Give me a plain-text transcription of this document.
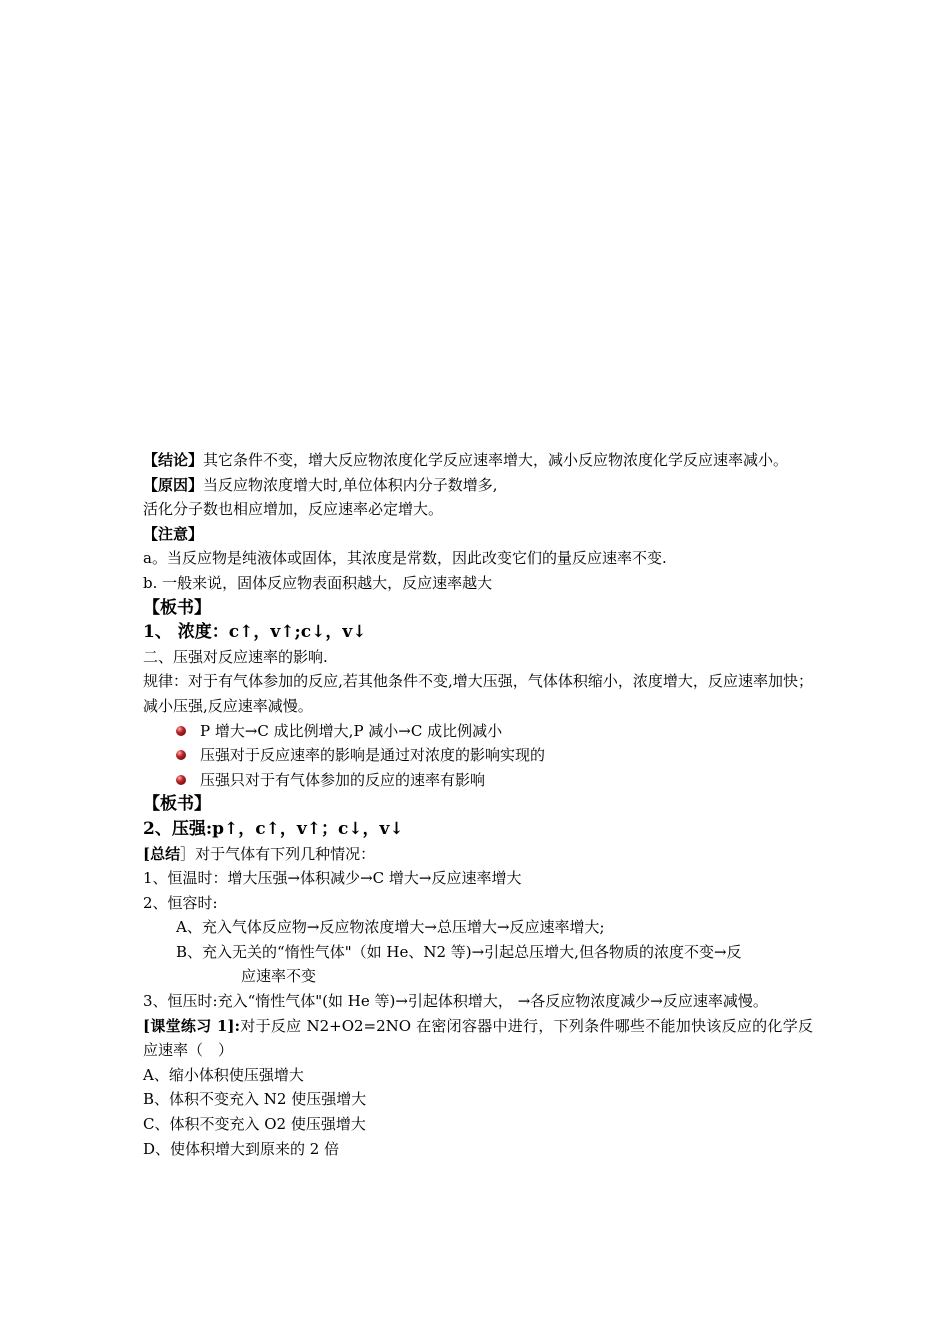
【结论】其它条件不变，增大反应物浓度化学反应速率增大，减小反应物浓度化学反应速率减小。
【原因】当反应物浓度增大时,单位体积内分子数增多,
活化分子数也相应增加，反应速率必定增大。
【注意】
a。当反应物是纯液体或固体，其浓度是常数，因此改变它们的量反应速率不变.
b. 一般来说，固体反应物表面积越大，反应速率越大
【板书】
1、 浓度：c↑，v↑;c↓，v↓
二、压强对反应速率的影响.
规律：对于有气体参加的反应,若其他条件不变,增大压强，气体体积缩小，浓度增大，反应速率加快；减小压强,反应速率减慢。
P 增大→C 成比例增大,P 减小→C 成比例减小
压强对于反应速率的影响是通过对浓度的影响实现的
压强只对于有气体参加的反应的速率有影响
【板书】
2、压强:p↑，c↑，v↑；c↓，v↓
[总结］对于气体有下列几种情况：
1、恒温时：增大压强→体积减少→C 增大→反应速率增大
2、恒容时:
A、充入气体反应物→反应物浓度增大→总压增大→反应速率增大;
B、充入无关的“惰性气体"（如 He、N2 等)→引起总压增大,但各物质的浓度不变→反
应速率不变
3、恒压时:充入“惰性气体"(如 He 等)→引起体积增大， →各反应物浓度减少→反应速率减慢。
[课堂练习 1]:对于反应 N2+O2=2NO 在密闭容器中进行，下列条件哪些不能加快该反应的化学反应速率（　）
A、缩小体积使压强增大
B、体积不变充入 N2 使压强增大
C、体积不变充入 O2 使压强增大
D、使体积增大到原来的 2 倍
